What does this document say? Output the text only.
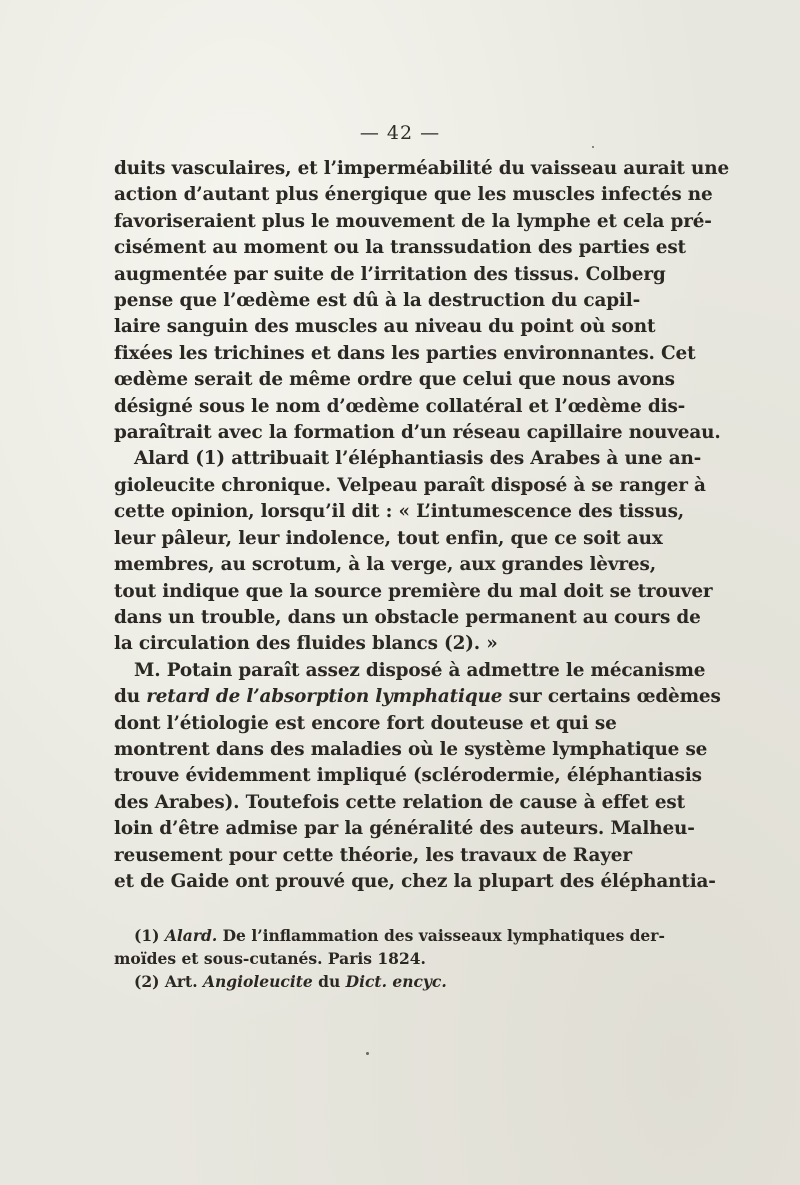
— 42 —
duits vasculaires, et l’imperméabilité du vaisseau aurait une
action d’autant plus énergique que les muscles infectés ne
favoriseraient plus le mouvement de la lymphe et cela pré-
cisément au moment ou la transsudation des parties est
augmentée par suite de l’irritation des tissus. Colberg
pense que l’œdème est dû à la destruction du capil-
laire sanguin des muscles au niveau du point où sont
fixées les trichines et dans les parties environnantes. Cet
œdème serait de même ordre que celui que nous avons
désigné sous le nom d’œdème collatéral et l’œdème dis-
paraîtrait avec la formation d’un réseau capillaire nouveau.
Alard (1) attribuait l’éléphantiasis des Arabes à une an-
gioleucite chronique. Velpeau paraît disposé à se ranger à
cette opinion, lorsqu’il dit : « L’intumescence des tissus,
leur pâleur, leur indolence, tout enfin, que ce soit aux
membres, au scrotum, à la verge, aux grandes lèvres,
tout indique que la source première du mal doit se trouver
dans un trouble, dans un obstacle permanent au cours de
la circulation des fluides blancs (2). »
M. Potain paraît assez disposé à admettre le mécanisme
du retard de l’absorption lymphatique sur certains œdèmes
dont l’étiologie est encore fort douteuse et qui se
montrent dans des maladies où le système lymphatique se
trouve évidemment impliqué (sclérodermie, éléphantiasis
des Arabes). Toutefois cette relation de cause à effet est
loin d’être admise par la généralité des auteurs. Malheu-
reusement pour cette théorie, les travaux de Rayer
et de Gaide ont prouvé que, chez la plupart des éléphantia-
(1) Alard. De l’inflammation des vaisseaux lymphatiques der-
moïdes et sous-cutanés. Paris 1824.
(2) Art. Angioleucite du Dict. encyc.
